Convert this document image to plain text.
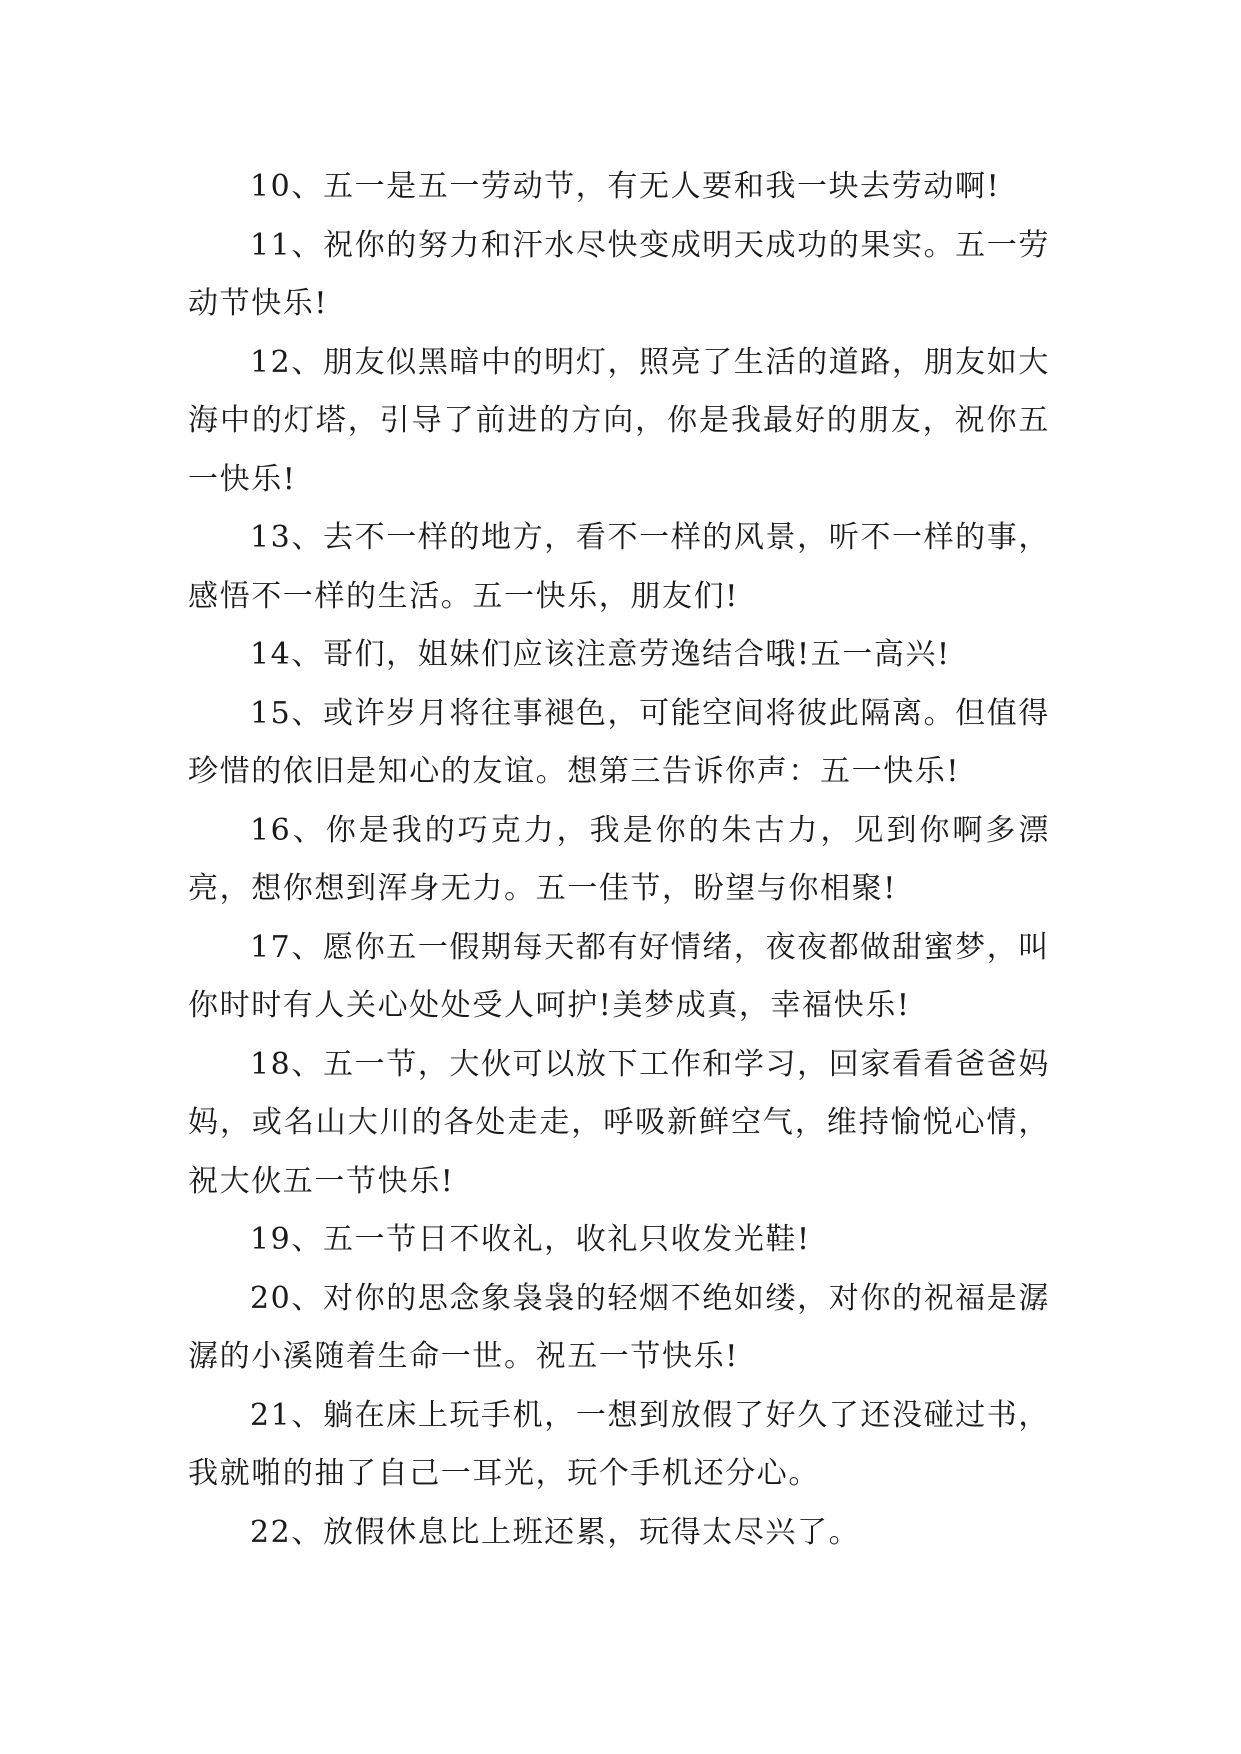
10、五一是五一劳动节，有无人要和我一块去劳动啊!

11、祝你的努力和汗水尽快变成明天成功的果实。五一劳动节快乐!

12、朋友似黑暗中的明灯，照亮了生活的道路，朋友如大海中的灯塔，引导了前进的方向，你是我最好的朋友，祝你五一快乐!

13、去不一样的地方，看不一样的风景，听不一样的事，感悟不一样的生活。五一快乐，朋友们!

14、哥们，姐妹们应该注意劳逸结合哦!五一高兴!

15、或许岁月将往事褪色，可能空间将彼此隔离。但值得珍惜的依旧是知心的友谊。想第三告诉你声：五一快乐!

16、你是我的巧克力，我是你的朱古力，见到你啊多漂亮，想你想到浑身无力。五一佳节，盼望与你相聚!

17、愿你五一假期每天都有好情绪，夜夜都做甜蜜梦，叫你时时有人关心处处受人呵护!美梦成真，幸福快乐!

18、五一节，大伙可以放下工作和学习，回家看看爸爸妈妈，或名山大川的各处走走，呼吸新鲜空气，维持愉悦心情，祝大伙五一节快乐!

19、五一节日不收礼，收礼只收发光鞋!

20、对你的思念象袅袅的轻烟不绝如缕，对你的祝福是潺潺的小溪随着生命一世。祝五一节快乐!

21、躺在床上玩手机，一想到放假了好久了还没碰过书，我就啪的抽了自己一耳光，玩个手机还分心。

22、放假休息比上班还累，玩得太尽兴了。
